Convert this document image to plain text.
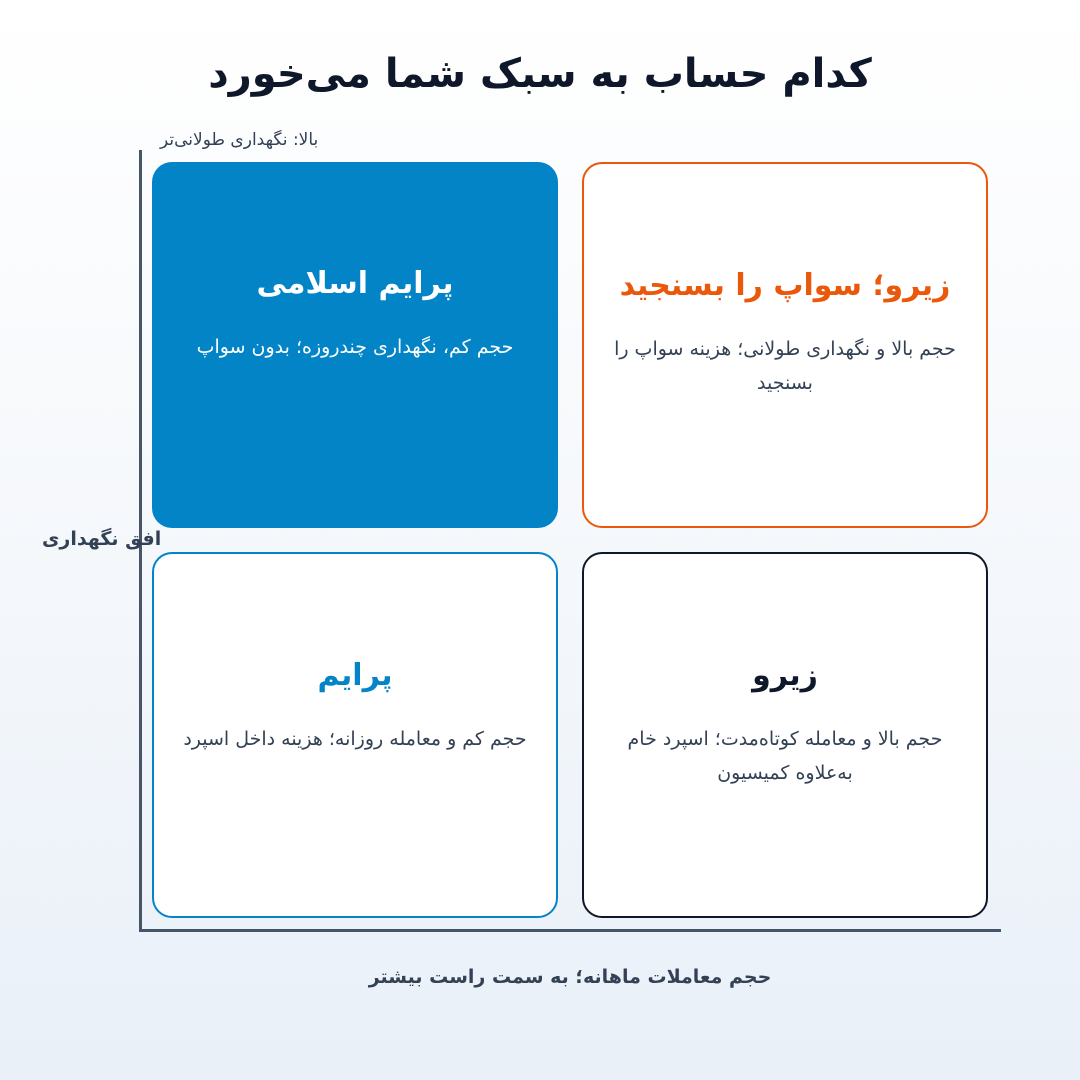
کدام حساب به سبک شما می‌خورد
بالا: نگهداری طولانی‌تر
افق نگهداری
حجم معاملات ماهانه؛ به سمت راست بیشتر
پرایم اسلامی
حجم کم، نگهداری چندروزه؛ بدون سواپ
زیرو؛ سواپ را بسنجید
حجم بالا و نگهداری طولانی؛ هزینه سواپ را بسنجید
پرایم
حجم کم و معامله روزانه؛ هزینه داخل اسپرد
زیرو
حجم بالا و معامله کوتاه‌مدت؛ اسپرد خام به‌علاوه کمیسیون
